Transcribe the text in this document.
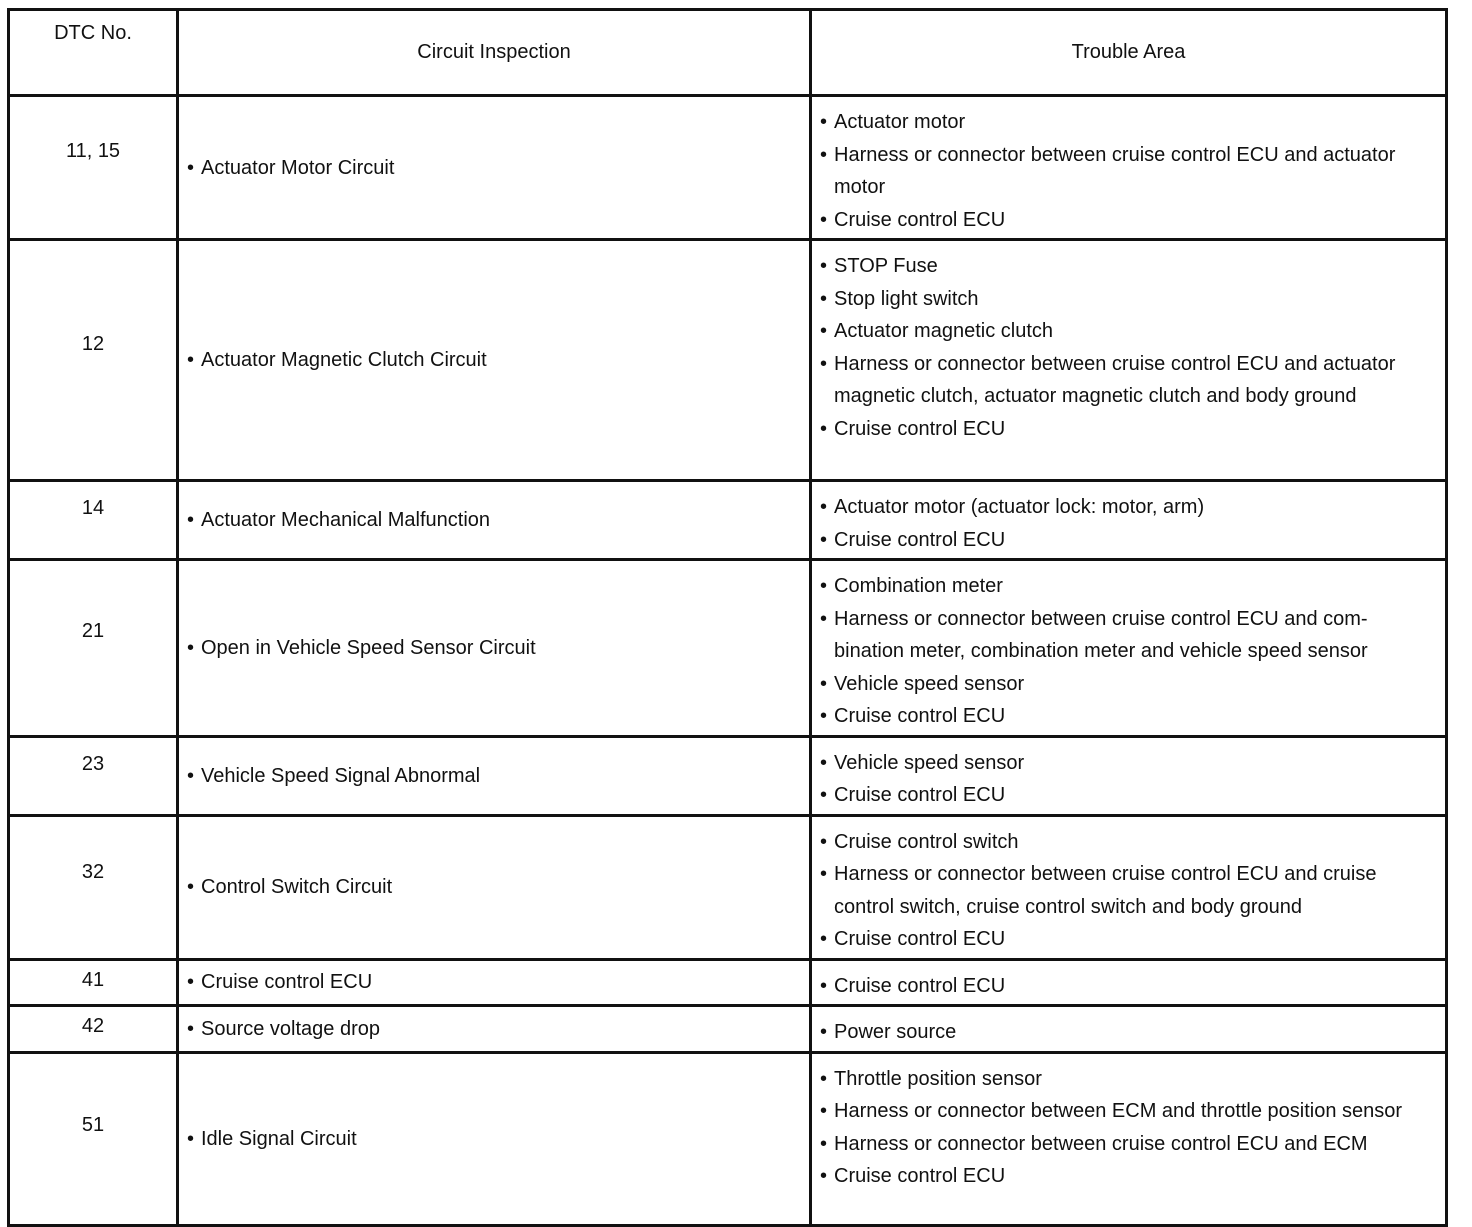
DTC No.	Circuit Inspection	Trouble Area
11, 15	• Actuator Motor Circuit	• Actuator motor
• Harness or connector between cruise control ECU and actuator motor
• Cruise control ECU

12	• Actuator Magnetic Clutch Circuit	• STOP Fuse
• Stop light switch
• Actuator magnetic clutch
• Harness or connector between cruise control ECU and actuator magnetic clutch, actuator magnetic clutch and body ground
• Cruise control ECU

14	• Actuator Mechanical Malfunction	• Actuator motor (actuator lock: motor, arm)
• Cruise control ECU

21	• Open in Vehicle Speed Sensor Circuit	• Combination meter
• Harness or connector between cruise control ECU and com-bination meter, combination meter and vehicle speed sensor
• Vehicle speed sensor
• Cruise control ECU

23	• Vehicle Speed Signal Abnormal	• Vehicle speed sensor
• Cruise control ECU

32	• Control Switch Circuit	• Cruise control switch
• Harness or connector between cruise control ECU and cruise control switch, cruise control switch and body ground
• Cruise control ECU

41	• Cruise control ECU	• Cruise control ECU

42	• Source voltage drop	• Power source

51	• Idle Signal Circuit	• Throttle position sensor
• Harness or connector between ECM and throttle position sensor
• Harness or connector between cruise control ECU and ECM
• Cruise control ECU
